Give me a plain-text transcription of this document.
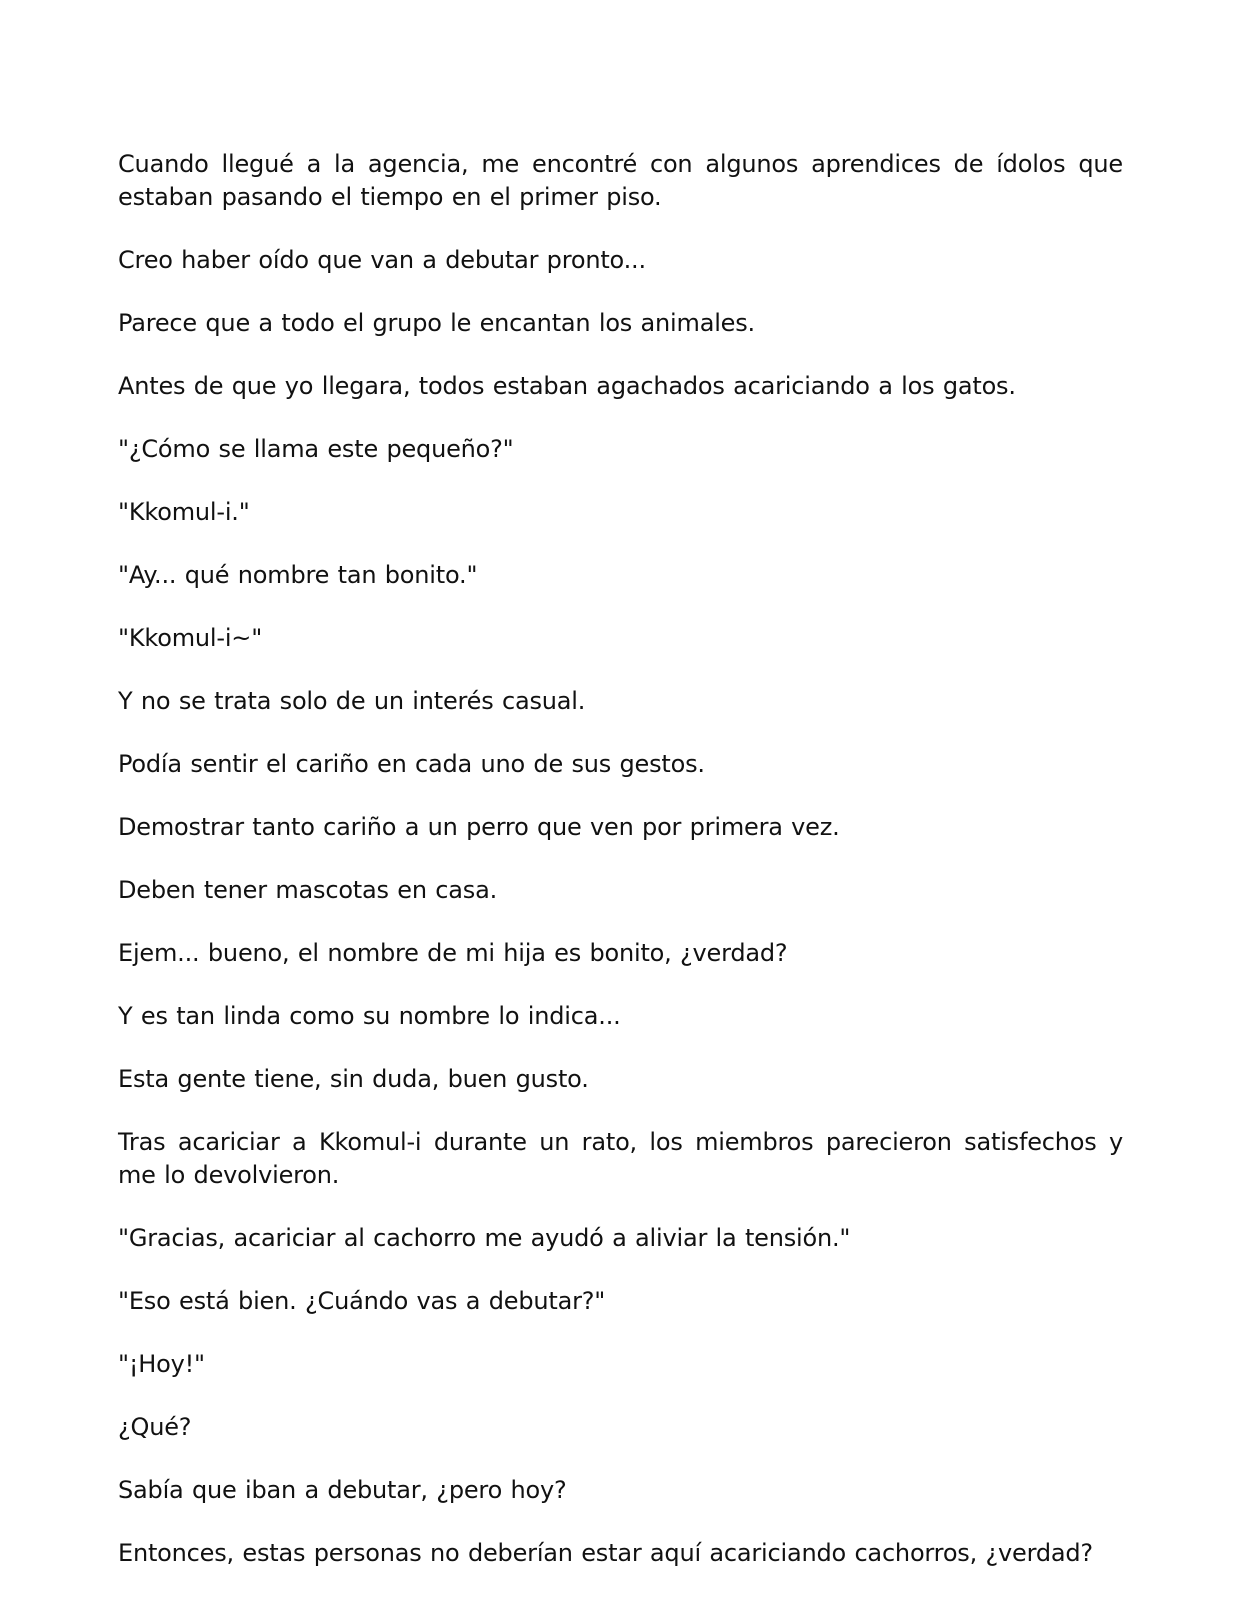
Cuando llegué a la agencia, me encontré con algunos aprendices de ídolos que estaban pasando el tiempo en el primer piso.

Creo haber oído que van a debutar pronto...

Parece que a todo el grupo le encantan los animales.

Antes de que yo llegara, todos estaban agachados acariciando a los gatos.

"¿Cómo se llama este pequeño?"

"Kkomul-i."

"Ay... qué nombre tan bonito."

"Kkomul-i~"

Y no se trata solo de un interés casual.

Podía sentir el cariño en cada uno de sus gestos.

Demostrar tanto cariño a un perro que ven por primera vez.

Deben tener mascotas en casa.

Ejem... bueno, el nombre de mi hija es bonito, ¿verdad?

Y es tan linda como su nombre lo indica...

Esta gente tiene, sin duda, buen gusto.

Tras acariciar a Kkomul-i durante un rato, los miembros parecieron satisfechos y me lo devolvieron.

"Gracias, acariciar al cachorro me ayudó a aliviar la tensión."

"Eso está bien. ¿Cuándo vas a debutar?"

"¡Hoy!"

¿Qué?

Sabía que iban a debutar, ¿pero hoy?

Entonces, estas personas no deberían estar aquí acariciando cachorros, ¿verdad?
